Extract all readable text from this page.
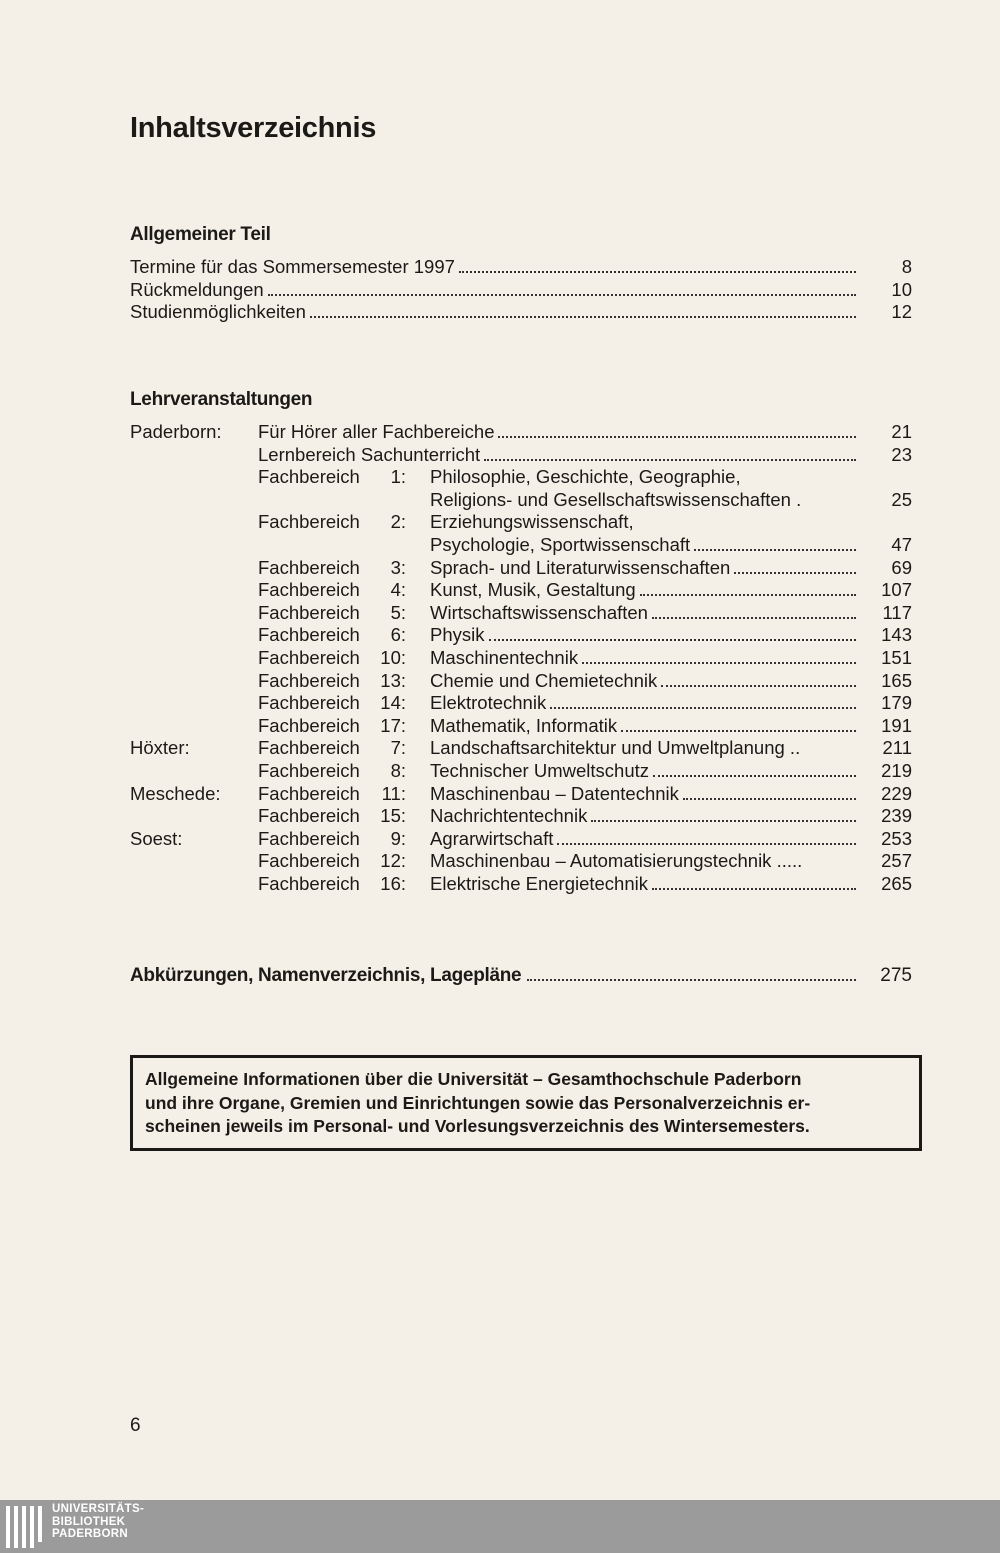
Inhaltsverzeichnis
Allgemeiner Teil
Termine für das Sommersemester 1997	8
Rückmeldungen	10
Studienmöglichkeiten	12
Lehrveranstaltungen
Paderborn: Für Hörer aller Fachbereiche	21
Lernbereich Sachunterricht	23
Fachbereich	1: Philosophie, Geschichte, Geographie,
Religions- und Gesellschaftswissenschaften .	25
Fachbereich	2: Erziehungswissenschaft,
Psychologie, Sportwissenschaft	47
Fachbereich	3: Sprach- und Literaturwissenschaften	69
Fachbereich	4: Kunst, Musik, Gestaltung	107
Fachbereich	5: Wirtschaftswissenschaften	117
Fachbereich	6: Physik	143
Fachbereich 10: Maschinentechnik	151
Fachbereich 13: Chemie und Chemietechnik	165
Fachbereich 14: Elektrotechnik	179
Fachbereich 17: Mathematik, Informatik	191
Höxter:	Fachbereich	7: Landschaftsarchitektur und Umweltplanung ..	211
Fachbereich	8: Technischer Umweltschutz	219
Meschede: Fachbereich 11: Maschinenbau – Datentechnik	229
Fachbereich 15: Nachrichtentechnik	239
Soest:	Fachbereich	9: Agrarwirtschaft	253
Fachbereich 12: Maschinenbau – Automatisierungstechnik .....	257
Fachbereich 16: Elektrische Energietechnik	265
Abkürzungen, Namenverzeichnis, Lagepläne	275
Allgemeine Informationen über die Universität – Gesamthochschule Paderborn
und ihre Organe, Gremien und Einrichtungen sowie das Personalverzeichnis er-
scheinen jeweils im Personal- und Vorlesungsverzeichnis des Wintersemesters.
6
UNIVERSITÄTS-
BIBLIOTHEK
PADERBORN
